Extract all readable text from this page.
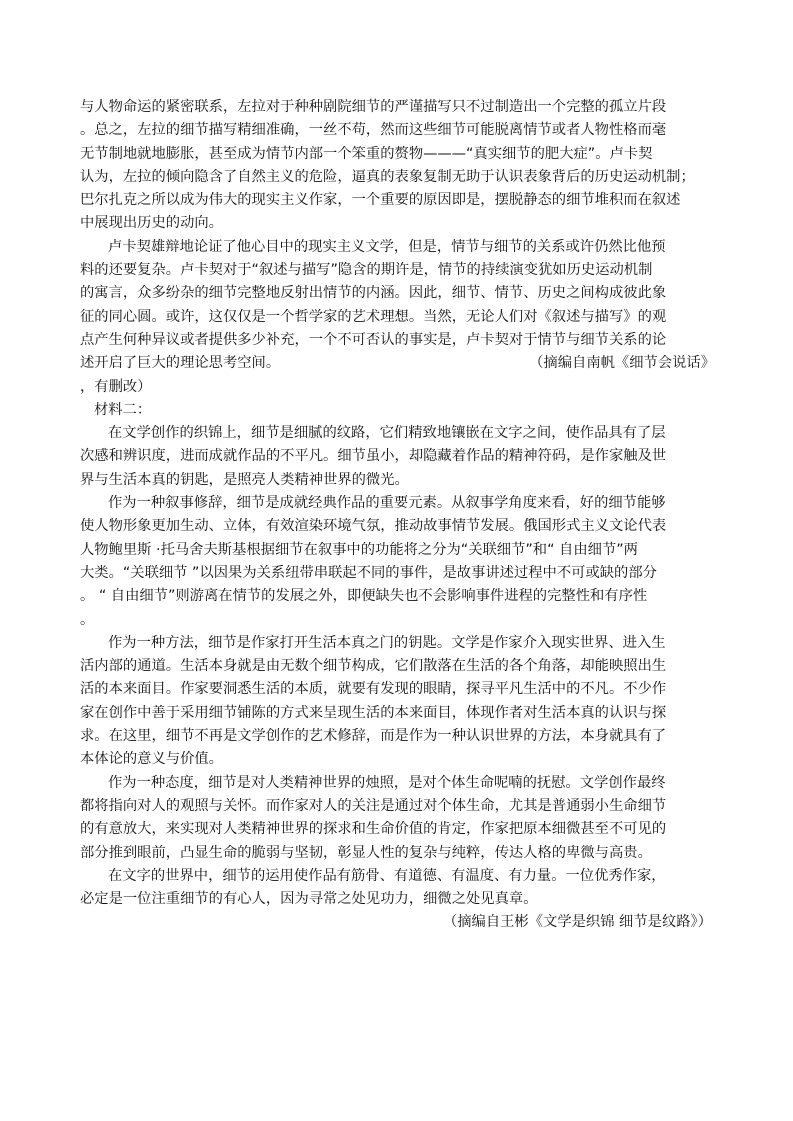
与人物命运的紧密联系，左拉对于种种剧院细节的严谨描写只不过制造出一个完整的孤立片段
。总之，左拉的细节描写精细准确，一丝不苟，然而这些细节可能脱离情节或者人物性格而毫
无节制地就地膨胀，甚至成为情节内部一个笨重的赘物———“真实细节的肥大症”。卢卡契
认为，左拉的倾向隐含了自然主义的危险，逼真的表象复制无助于认识表象背后的历史运动机制；
巴尔扎克之所以成为伟大的现实主义作家，一个重要的原因即是，摆脱静态的细节堆积而在叙述
中展现出历史的动向。
卢卡契雄辩地论证了他心目中的现实主义文学，但是，情节与细节的关系或许仍然比他预
料的还要复杂。卢卡契对于“叙述与描写”隐含的期许是，情节的持续演变犹如历史运动机制
的寓言，众多纷杂的细节完整地反射出情节的内涵。因此，细节、情节、历史之间构成彼此象
征的同心圆。或许，这仅仅是一个哲学家的艺术理想。当然，无论人们对《叙述与描写》的观
点产生何种异议或者提供多少补充，一个不可否认的事实是，卢卡契对于情节与细节关系的论
述开启了巨大的理论思考空间。	（摘编自南帆《细节会说话》
，有删改）
材料二：
在文学创作的织锦上，细节是细腻的纹路，它们精致地镶嵌在文字之间，使作品具有了层
次感和辨识度，进而成就作品的不平凡。细节虽小，却隐藏着作品的精神符码，是作家触及世
界与生活本真的钥匙，是照亮人类精神世界的微光。
作为一种叙事修辞，细节是成就经典作品的重要元素。从叙事学角度来看，好的细节能够
使人物形象更加生动、立体，有效渲染环境气氛，推动故事情节发展。俄国形式主义文论代表
人物鲍里斯 ·托马舍夫斯基根据细节在叙事中的功能将之分为“关联细节”和“ 自由细节”两
大类。“关联细节 ”以因果为关系纽带串联起不同的事件，是故事讲述过程中不可或缺的部分
。 “ 自由细节”则游离在情节的发展之外，即便缺失也不会影响事件进程的完整性和有序性
。
作为一种方法，细节是作家打开生活本真之门的钥匙。文学是作家介入现实世界、进入生
活内部的通道。生活本身就是由无数个细节构成，它们散落在生活的各个角落，却能映照出生
活的本来面目。作家要洞悉生活的本质，就要有发现的眼睛，探寻平凡生活中的不凡。不少作
家在创作中善于采用细节铺陈的方式来呈现生活的本来面目，体现作者对生活本真的认识与探
求。在这里，细节不再是文学创作的艺术修辞，而是作为一种认识世界的方法，本身就具有了
本体论的意义与价值。
作为一种态度，细节是对人类精神世界的烛照，是对个体生命呢喃的抚慰。文学创作最终
都将指向对人的观照与关怀。而作家对人的关注是通过对个体生命，尤其是普通弱小生命细节
的有意放大，来实现对人类精神世界的探求和生命价值的肯定，作家把原本细微甚至不可见的
部分推到眼前，凸显生命的脆弱与坚韧，彰显人性的复杂与纯粹，传达人格的卑微与高贵。
在文字的世界中，细节的运用使作品有筋骨、有道德、有温度、有力量。一位优秀作家，
必定是一位注重细节的有心人，因为寻常之处见功力，细微之处见真章。
（摘编自王彬《文学是织锦 细节是纹路》）
